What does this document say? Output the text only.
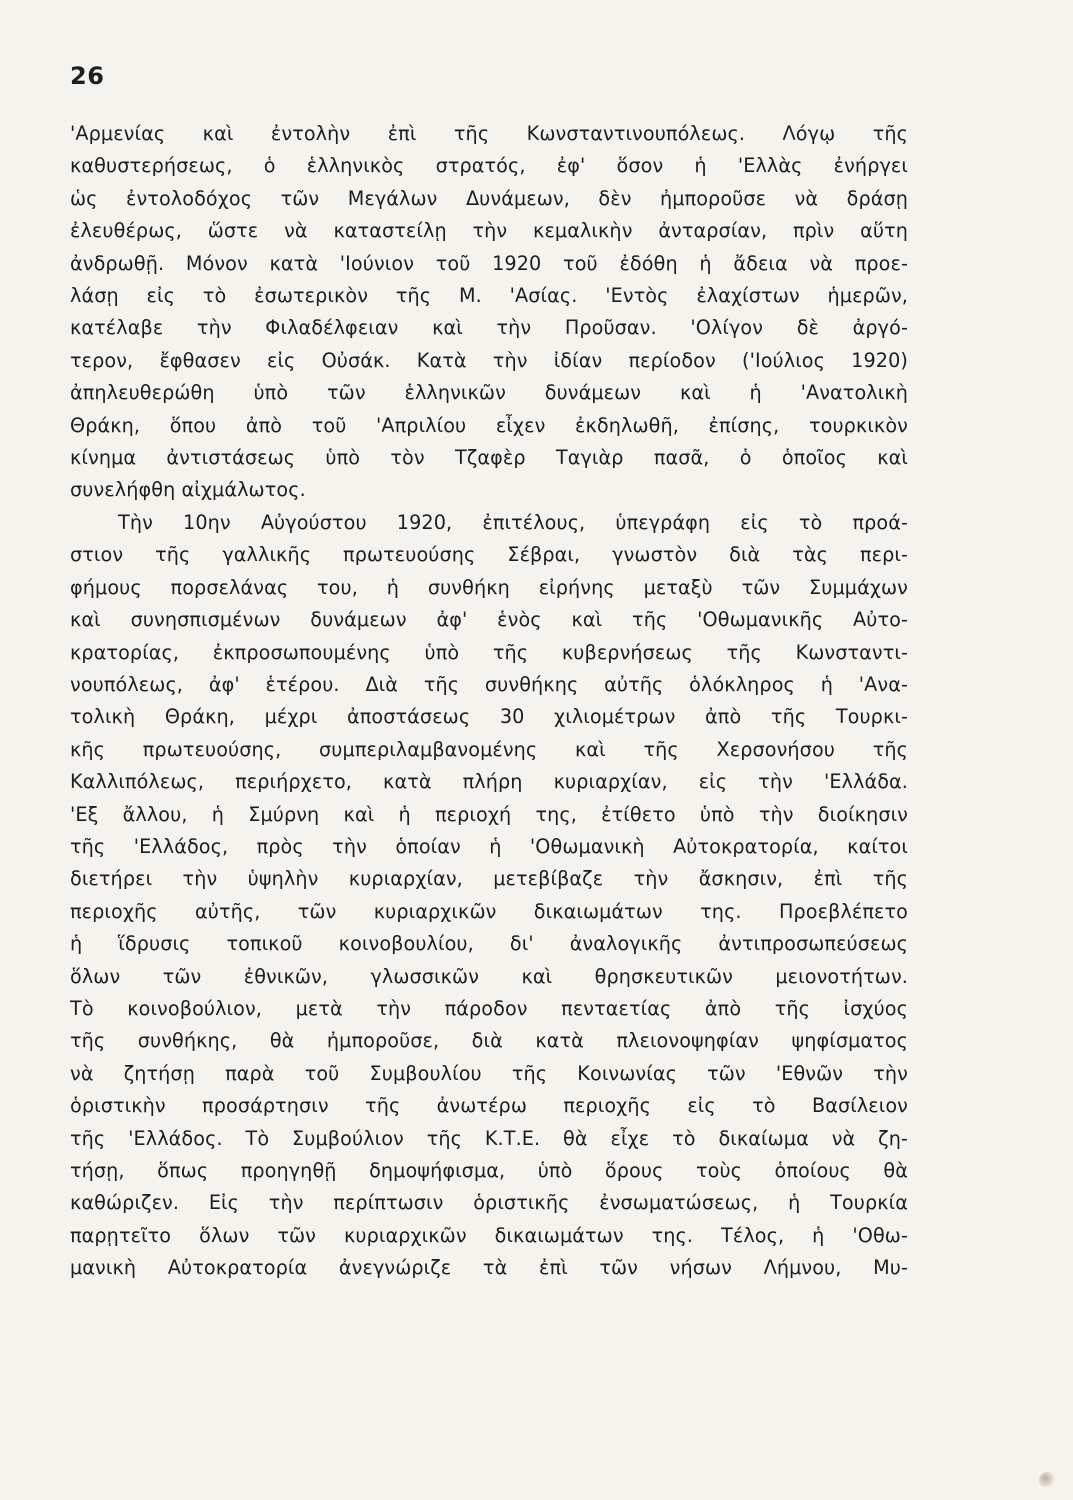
26
'Αρμενίας καὶ ἐντολὴν ἐπὶ τῆς Κωνσταντινουπόλεως. Λόγῳ τῆς
καθυστερήσεως, ὁ ἑλληνικὸς στρατός, ἐφ' ὅσον ἡ 'Ελλὰς ἐνήργει
ὡς ἐντολοδόχος τῶν Μεγάλων Δυνάμεων, δὲν ἠμποροῦσε νὰ δράσῃ
ἐλευθέρως, ὥστε νὰ καταστείλῃ τὴν κεμαλικὴν ἀνταρσίαν, πρὶν αὕτη
ἀνδρωθῇ. Μόνον κατὰ 'Ιούνιον τοῦ 1920 τοῦ ἐδόθη ἡ ἄδεια νὰ προε-
λάσῃ εἰς τὸ ἐσωτερικὸν τῆς Μ. 'Ασίας. 'Εντὸς ἐλαχίστων ἡμερῶν,
κατέλαβε τὴν Φιλαδέλφειαν καὶ τὴν Προῦσαν. 'Ολίγον δὲ ἀργό-
τερον, ἔφθασεν εἰς Οὐσάκ. Κατὰ τὴν ἰδίαν περίοδον ('Ιούλιος 1920)
ἀπηλευθερώθη ὑπὸ τῶν ἑλληνικῶν δυνάμεων καὶ ἡ 'Ανατολικὴ
Θράκη, ὅπου ἀπὸ τοῦ 'Απριλίου εἶχεν ἐκδηλωθῆ, ἐπίσης, τουρκικὸν
κίνημα ἀντιστάσεως ὑπὸ τὸν Τζαφὲρ Ταγιὰρ πασᾶ, ὁ ὁποῖος καὶ
συνελήφθη αἰχμάλωτος.
Τὴν 10ην Αὐγούστου 1920, ἐπιτέλους, ὑπεγράφη εἰς τὸ προά-
στιον τῆς γαλλικῆς πρωτευούσης Σέβραι, γνωστὸν διὰ τὰς περι-
φήμους πορσελάνας του, ἡ συνθήκη εἰρήνης μεταξὺ τῶν Συμμάχων
καὶ συνησπισμένων δυνάμεων ἀφ' ἑνὸς καὶ τῆς 'Οθωμανικῆς Αὐτο-
κρατορίας, ἐκπροσωπουμένης ὑπὸ τῆς κυβερνήσεως τῆς Κωνσταντι-
νουπόλεως, ἀφ' ἑτέρου. Διὰ τῆς συνθήκης αὐτῆς ὁλόκληρος ἡ 'Ανα-
τολικὴ Θράκη, μέχρι ἀποστάσεως 30 χιλιομέτρων ἀπὸ τῆς Τουρκι-
κῆς πρωτευούσης, συμπεριλαμβανομένης καὶ τῆς Χερσονήσου τῆς
Καλλιπόλεως, περιήρχετο, κατὰ πλήρη κυριαρχίαν, εἰς τὴν 'Ελλάδα.
'Εξ ἄλλου, ἡ Σμύρνη καὶ ἡ περιοχή της, ἐτίθετο ὑπὸ τὴν διοίκησιν
τῆς 'Ελλάδος, πρὸς τὴν ὁποίαν ἡ 'Οθωμανικὴ Αὐτοκρατορία, καίτοι
διετήρει τὴν ὑψηλὴν κυριαρχίαν, μετεβίβαζε τὴν ἄσκησιν, ἐπὶ τῆς
περιοχῆς αὐτῆς, τῶν κυριαρχικῶν δικαιωμάτων της. Προεβλέπετο
ἡ ἵδρυσις τοπικοῦ κοινοβουλίου, δι' ἀναλογικῆς ἀντιπροσωπεύσεως
ὅλων τῶν ἐθνικῶν, γλωσσικῶν καὶ θρησκευτικῶν μειονοτήτων.
Τὸ κοινοβούλιον, μετὰ τὴν πάροδον πενταετίας ἀπὸ τῆς ἰσχύος
τῆς συνθήκης, θὰ ἠμποροῦσε, διὰ κατὰ πλειονοψηφίαν ψηφίσματος
νὰ ζητήσῃ παρὰ τοῦ Συμβουλίου τῆς Κοινωνίας τῶν 'Εθνῶν τὴν
ὁριστικὴν προσάρτησιν τῆς ἀνωτέρω περιοχῆς εἰς τὸ Βασίλειον
τῆς 'Ελλάδος. Τὸ Συμβούλιον τῆς Κ.Τ.Ε. θὰ εἶχε τὸ δικαίωμα νὰ ζη-
τήσῃ, ὅπως προηγηθῇ δημοψήφισμα, ὑπὸ ὅρους τοὺς ὁποίους θὰ
καθώριζεν. Εἰς τὴν περίπτωσιν ὁριστικῆς ἐνσωματώσεως, ἡ Τουρκία
παρῃτεῖτο ὅλων τῶν κυριαρχικῶν δικαιωμάτων της. Τέλος, ἡ 'Οθω-
μανικὴ Αὐτοκρατορία ἀνεγνώριζε τὰ ἐπὶ τῶν νήσων Λήμνου, Μυ-
